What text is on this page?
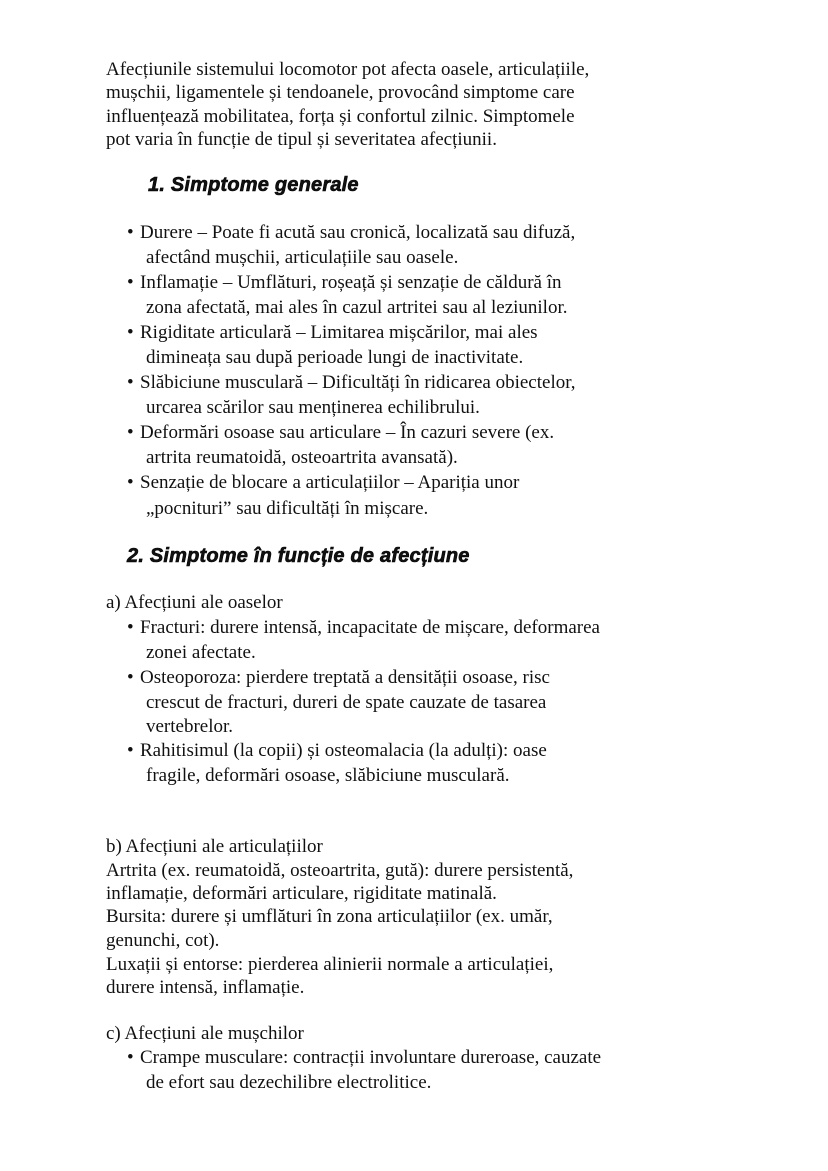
Afecțiunile sistemului locomotor pot afecta oasele, articulațiile,
mușchii, ligamentele și tendoanele, provocând simptome care
influențează mobilitatea, forța și confortul zilnic. Simptomele
pot varia în funcție de tipul și severitatea afecțiunii.
1. Simptome generale
• Durere – Poate fi acută sau cronică, localizată sau difuză,
afectând mușchii, articulațiile sau oasele.
• Inflamație – Umflături, roșeață și senzație de căldură în
zona afectată, mai ales în cazul artritei sau al leziunilor.
• Rigiditate articulară – Limitarea mișcărilor, mai ales
dimineața sau după perioade lungi de inactivitate.
• Slăbiciune musculară – Dificultăți în ridicarea obiectelor,
urcarea scărilor sau menținerea echilibrului.
• Deformări osoase sau articulare – În cazuri severe (ex.
artrita reumatoidă, osteoartrita avansată).
• Senzație de blocare a articulațiilor – Apariția unor
„pocnituri” sau dificultăți în mișcare.
2. Simptome în funcție de afecțiune
a) Afecțiuni ale oaselor
• Fracturi: durere intensă, incapacitate de mișcare, deformarea
zonei afectate.
• Osteoporoza: pierdere treptată a densității osoase, risc
crescut de fracturi, dureri de spate cauzate de tasarea
vertebrelor.
• Rahitisimul (la copii) și osteomalacia (la adulți): oase
fragile, deformări osoase, slăbiciune musculară.
b) Afecțiuni ale articulațiilor
Artrita (ex. reumatoidă, osteoartrita, gută): durere persistentă,
inflamație, deformări articulare, rigiditate matinală.
Bursita: durere și umflături în zona articulațiilor (ex. umăr,
genunchi, cot).
Luxații și entorse: pierderea alinierii normale a articulației,
durere intensă, inflamație.
c) Afecțiuni ale mușchilor
• Crampe musculare: contracții involuntare dureroase, cauzate
de efort sau dezechilibre electrolitice.
